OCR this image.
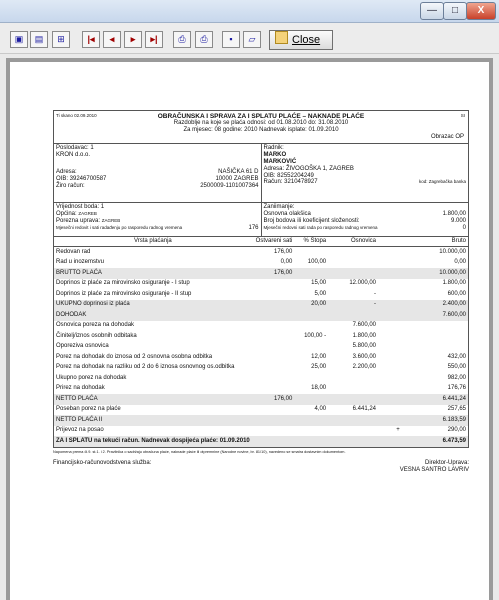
—	□	X
▣	▤	⊞	|◂	◂	▸	▸|	⎙	⎙	▪	▱	Close
Ti skano 02.09.2010	SI
OBRAČUNSKA I SPRAVA ZA I SPLATU PLAĆE – NAKNADE PLAĆE
Razdoblje na koje se plaća odnosi: od 01.08.2010 do: 31.08.2010
Za mjesec: 08 godine: 2010 Nadnevak isplate: 01.09.2010
Obrazac OP
Poslodavac: 1
KRON d.o.o.
Adresa:	NAŠIČKA 61 D
OIB: 39246700587	10000 ZAGREB
Žiro račun:	2500009-1101007364
Radnik:
MARKO
MARKOVIĆ
Adresa: ŽIVOGOŠKA 1, ZAGREB
OIB: 82552204249
Račun: 3210478927	kod: Zagrebačka banka
Vrijednost boda: 1
Općina: ZAGREB
Porezna uprava: ZAGREB
Mjesečni redovit i sati radađenju po rasporedu radnog vremena	176
Zaniimanje:
Osnovna olakšica	1.800,00
Broj bodova ili koeficijent složenosti:	9.000
Mjesečni redovni sati rada po rasporedu radnog vremena	0
Vrsta plaćanja	Ostvareni sati	% Stopa	Osnovica		Bruto
Redovan rad	176,00				10.000,00
Rad u inozemstvu	0,00	100,00			0,00
BRUTTO PLAĆA	176,00				10.000,00
Doprinos iz plaće za mirovinsko osiguranje - I stup		15,00	12.000,00		1.800,00
Doprinos iz plaće za mirovinsko osiguranje - II stup		5,00	-		600,00
UKUPNO doprinosi iz plaća		20,00	-		2.400,00
DOHODAK					7.600,00
Osnovica poreza na dohodak			7.600,00		
Činitelj/iznos osobnih odbitaka		100,00 -	1.800,00		
Oporeziva osnovica			5.800,00		
Porez na dohodak do iznosa od 2 osnovna osobna odbitka		12,00	3.600,00		432,00
Porez na dohodak na razliku od 2 do 6 iznosa osnovnog os.odbitka		25,00	2.200,00		550,00
Ukupno porez na dohodak					982,00
Prirez na dohodak		18,00			176,76
NETTO PLAĆA	176,00				6.441,24
Poseban porez na plaće		4,00	6.441,24		257,65
NETTO PLAĆA II					6.183,59
Prijevoz na posao				+	290,00
ZA I SPLATU na tekući račun. Nadnevak dospijeća plaće: 01.09.2010					6.473,59
Napomena prema čl.9. st.1. i 2. Pravilnika o sadržaju obračuna plaće, naknade plaće ili otpremnine (Narodne novine, br. 81/10), navedeno se smatra dostavnim dokumentom.
Financijsko-računovodstvena služba:	Direktor-Uprava:
VESNA SANTRO LAVRIV
